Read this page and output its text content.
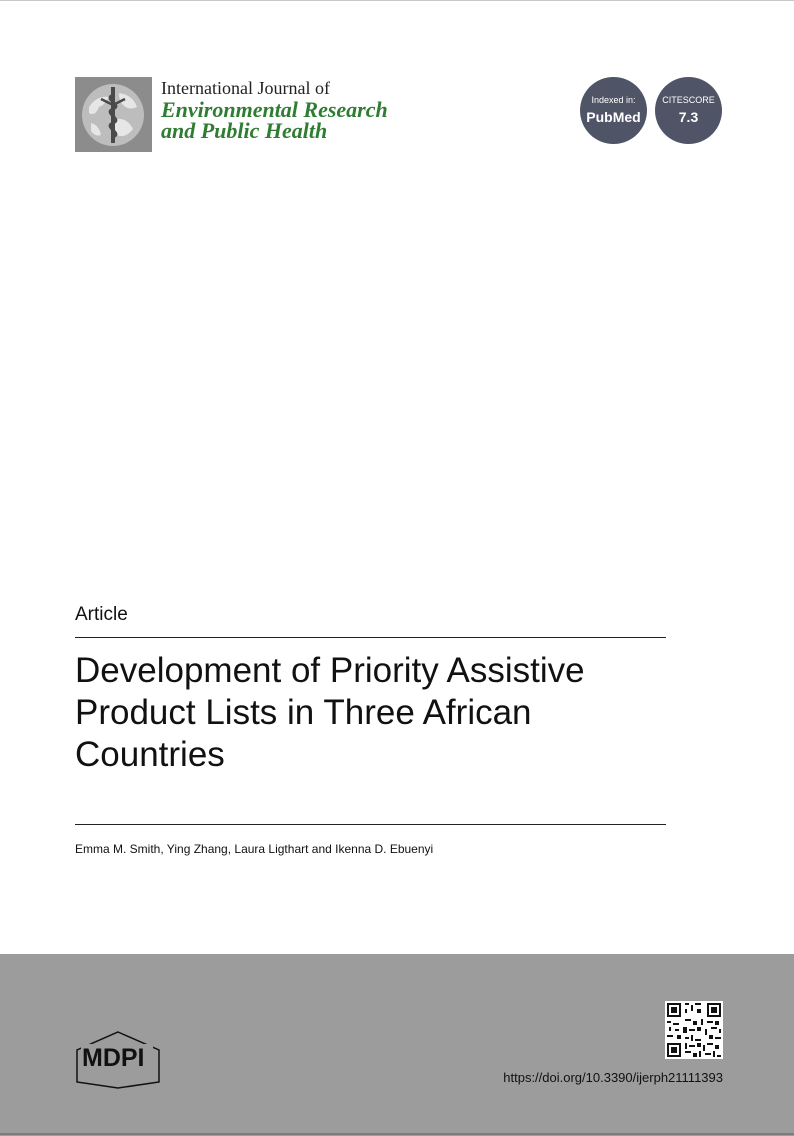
International Journal of
Environmental Research
and Public Health
Indexed in:
PubMed
CITESCORE
7.3
Article
Development of Priority Assistive
Product Lists in Three African
Countries
Emma M. Smith, Ying Zhang, Laura Ligthart and Ikenna D. Ebuenyi
MDPI
https://doi.org/10.3390/ijerph21111393
